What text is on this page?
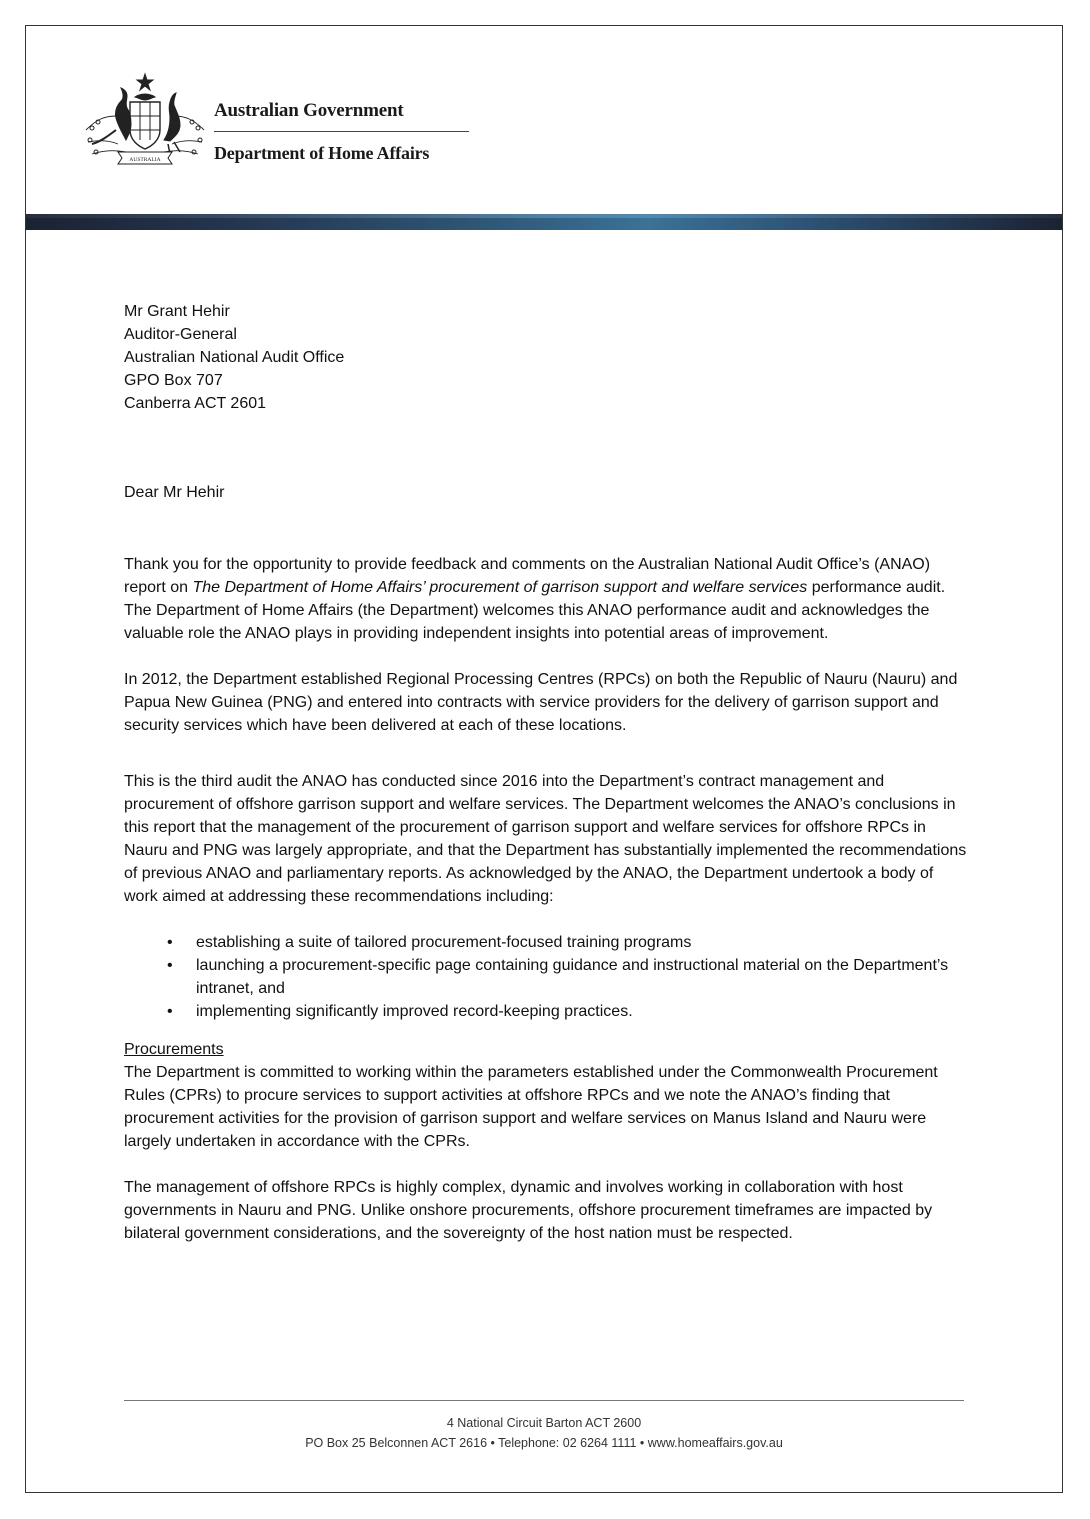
AUSTRALIA
Australian Government
Department of Home Affairs
Mr Grant Hehir
Auditor-General
Australian National Audit Office
GPO Box 707
Canberra ACT 2601
Dear Mr Hehir

Thank you for the opportunity to provide feedback and comments on the Australian National Audit Office’s (ANAO) report on The Department of Home Affairs’ procurement of garrison support and welfare services performance audit. The Department of Home Affairs (the Department) welcomes this ANAO performance audit and acknowledges the valuable role the ANAO plays in providing independent insights into potential areas of improvement.

In 2012, the Department established Regional Processing Centres (RPCs) on both the Republic of Nauru (Nauru) and Papua New Guinea (PNG) and entered into contracts with service providers for the delivery of garrison support and security services which have been delivered at each of these locations.

This is the third audit the ANAO has conducted since 2016 into the Department’s contract management and procurement of offshore garrison support and welfare services. The Department welcomes the ANAO’s conclusions in this report that the management of the procurement of garrison support and welfare services for offshore RPCs in Nauru and PNG was largely appropriate, and that the Department has substantially implemented the recommendations of previous ANAO and parliamentary reports. As acknowledged by the ANAO, the Department undertook a body of work aimed at addressing these recommendations including:

• establishing a suite of tailored procurement-focused training programs
• launching a procurement-specific page containing guidance and instructional material on the Department’s intranet, and
• implementing significantly improved record-keeping practices.

Procurements

The Department is committed to working within the parameters established under the Commonwealth Procurement Rules (CPRs) to procure services to support activities at offshore RPCs and we note the ANAO’s finding that procurement activities for the provision of garrison support and welfare services on Manus Island and Nauru were largely undertaken in accordance with the CPRs.

The management of offshore RPCs is highly complex, dynamic and involves working in collaboration with host governments in Nauru and PNG. Unlike onshore procurements, offshore procurement timeframes are impacted by bilateral government considerations, and the sovereignty of the host nation must be respected.

4 National Circuit Barton ACT 2600
PO Box 25 Belconnen ACT 2616 • Telephone: 02 6264 1111 • www.homeaffairs.gov.au
